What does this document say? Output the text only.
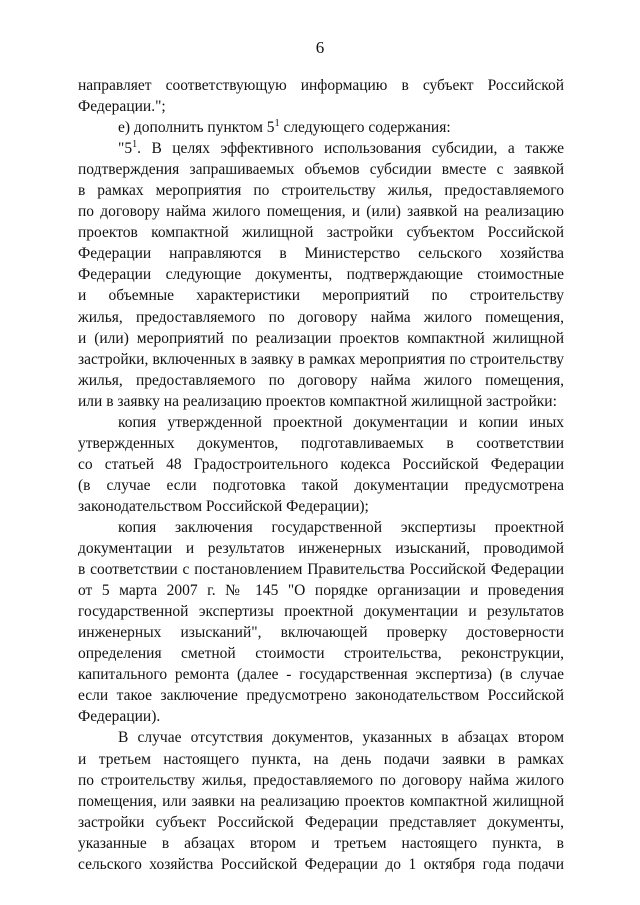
6
направляет соответствующую информацию в субъект Российской
Федерации.";
е) дополнить пунктом $5^1$ следующего содержания:
"$5^1$. В целях эффективного использования субсидии, а также
подтверждения запрашиваемых объемов субсидии вместе с заявкой
в рамках мероприятия по строительству жилья, предоставляемого
по договору найма жилого помещения, и (или) заявкой на реализацию
проектов компактной жилищной застройки субъектом Российской
Федерации направляются в Министерство сельского хозяйства
Федерации следующие документы, подтверждающие стоимостные
и объемные характеристики мероприятий по строительству
жилья, предоставляемого по договору найма жилого помещения,
и (или) мероприятий по реализации проектов компактной жилищной
застройки, включенных в заявку в рамках мероприятия по строительству
жилья, предоставляемого по договору найма жилого помещения,
или в заявку на реализацию проектов компактной жилищной застройки:
копия утвержденной проектной документации и копии иных
утвержденных документов, подготавливаемых в соответствии
со статьей 48 Градостроительного кодекса Российской Федерации
(в случае если подготовка такой документации предусмотрена
законодательством Российской Федерации);
копия заключения государственной экспертизы проектной
документации и результатов инженерных изысканий, проводимой
в соответствии с постановлением Правительства Российской Федерации
от 5 марта 2007 г. № 145 "О порядке организации и проведения
государственной экспертизы проектной документации и результатов
инженерных изысканий", включающей проверку достоверности
определения сметной стоимости строительства, реконструкции,
капитального ремонта (далее - государственная экспертиза) (в случае
если такое заключение предусмотрено законодательством Российской
Федерации).
В случае отсутствия документов, указанных в абзацах втором
и третьем настоящего пункта, на день подачи заявки в рамках
по строительству жилья, предоставляемого по договору найма жилого
помещения, или заявки на реализацию проектов компактной жилищной
застройки субъект Российской Федерации представляет документы,
указанные в абзацах втором и третьем настоящего пункта, в
сельского хозяйства Российской Федерации до 1 октября года подачи
